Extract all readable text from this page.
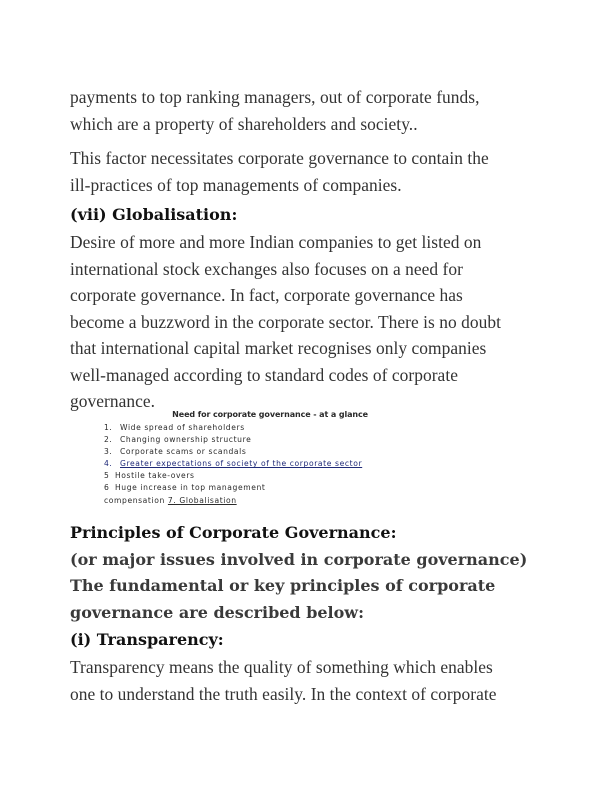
payments to top ranking managers, out of corporate funds,
which are a property of shareholders and society..

This factor necessitates corporate governance to contain the
ill-practices of top managements of companies.

(vii) Globalisation:

Desire of more and more Indian companies to get listed on
international stock exchanges also focuses on a need for
corporate governance. In fact, corporate governance has
become a buzzword in the corporate sector. There is no doubt
that international capital market recognises only companies
well-managed according to standard codes of corporate
governance.

Need for corporate governance - at a glance
1. Wide spread of shareholders
2. Changing ownership structure
3. Corporate scams or scandals
4. Greater expectations of society of the corporate sector
5 Hostile take-overs
6 Huge increase in top management
compensation 7. Globalisation
Principles of Corporate Governance:
(or major issues involved in corporate governance)
The fundamental or key principles of corporate
governance are described below:
(i) Transparency:

Transparency means the quality of something which enables
one to understand the truth easily. In the context of corporate
